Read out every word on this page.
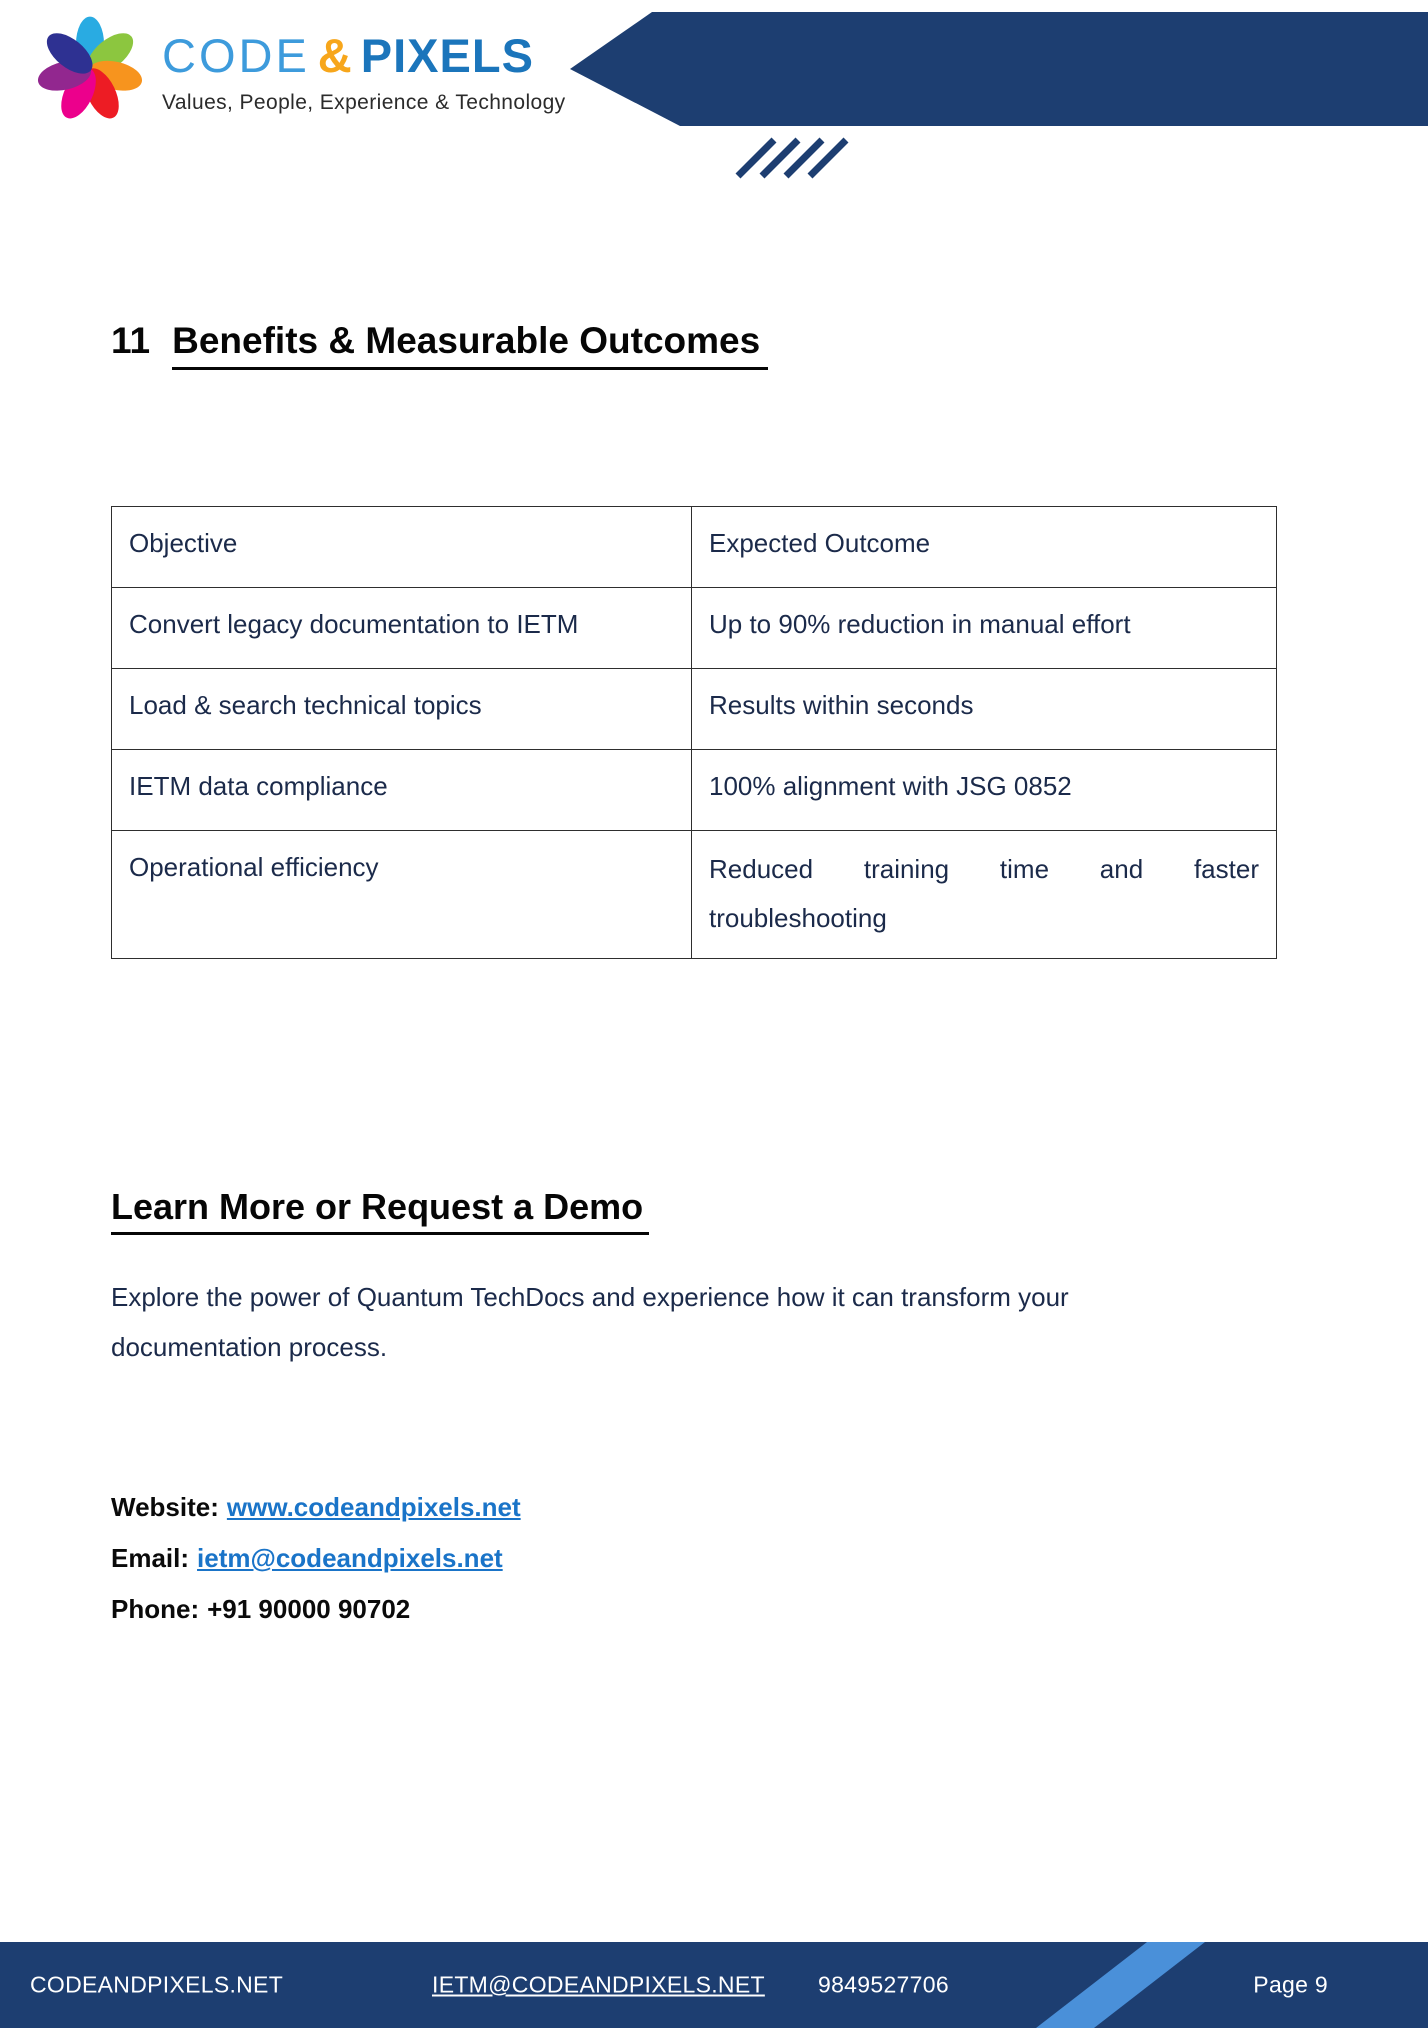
CODE & PIXELS
Values, People, Experience & Technology
11 Benefits & Measurable Outcomes
Objective	Expected Outcome
Convert legacy documentation to IETM	Up to 90% reduction in manual effort
Load & search technical topics	Results within seconds
IETM data compliance	100% alignment with JSG 0852
Operational efficiency	Reduced training time and faster troubleshooting
Learn More or Request a Demo
Explore the power of Quantum TechDocs and experience how it can transform your
documentation process.
Website: www.codeandpixels.net
Email: ietm@codeandpixels.net
Phone: +91 90000 90702
CODEANDPIXELS.NET	IETM@CODEANDPIXELS.NET 9849527706	Page 9
